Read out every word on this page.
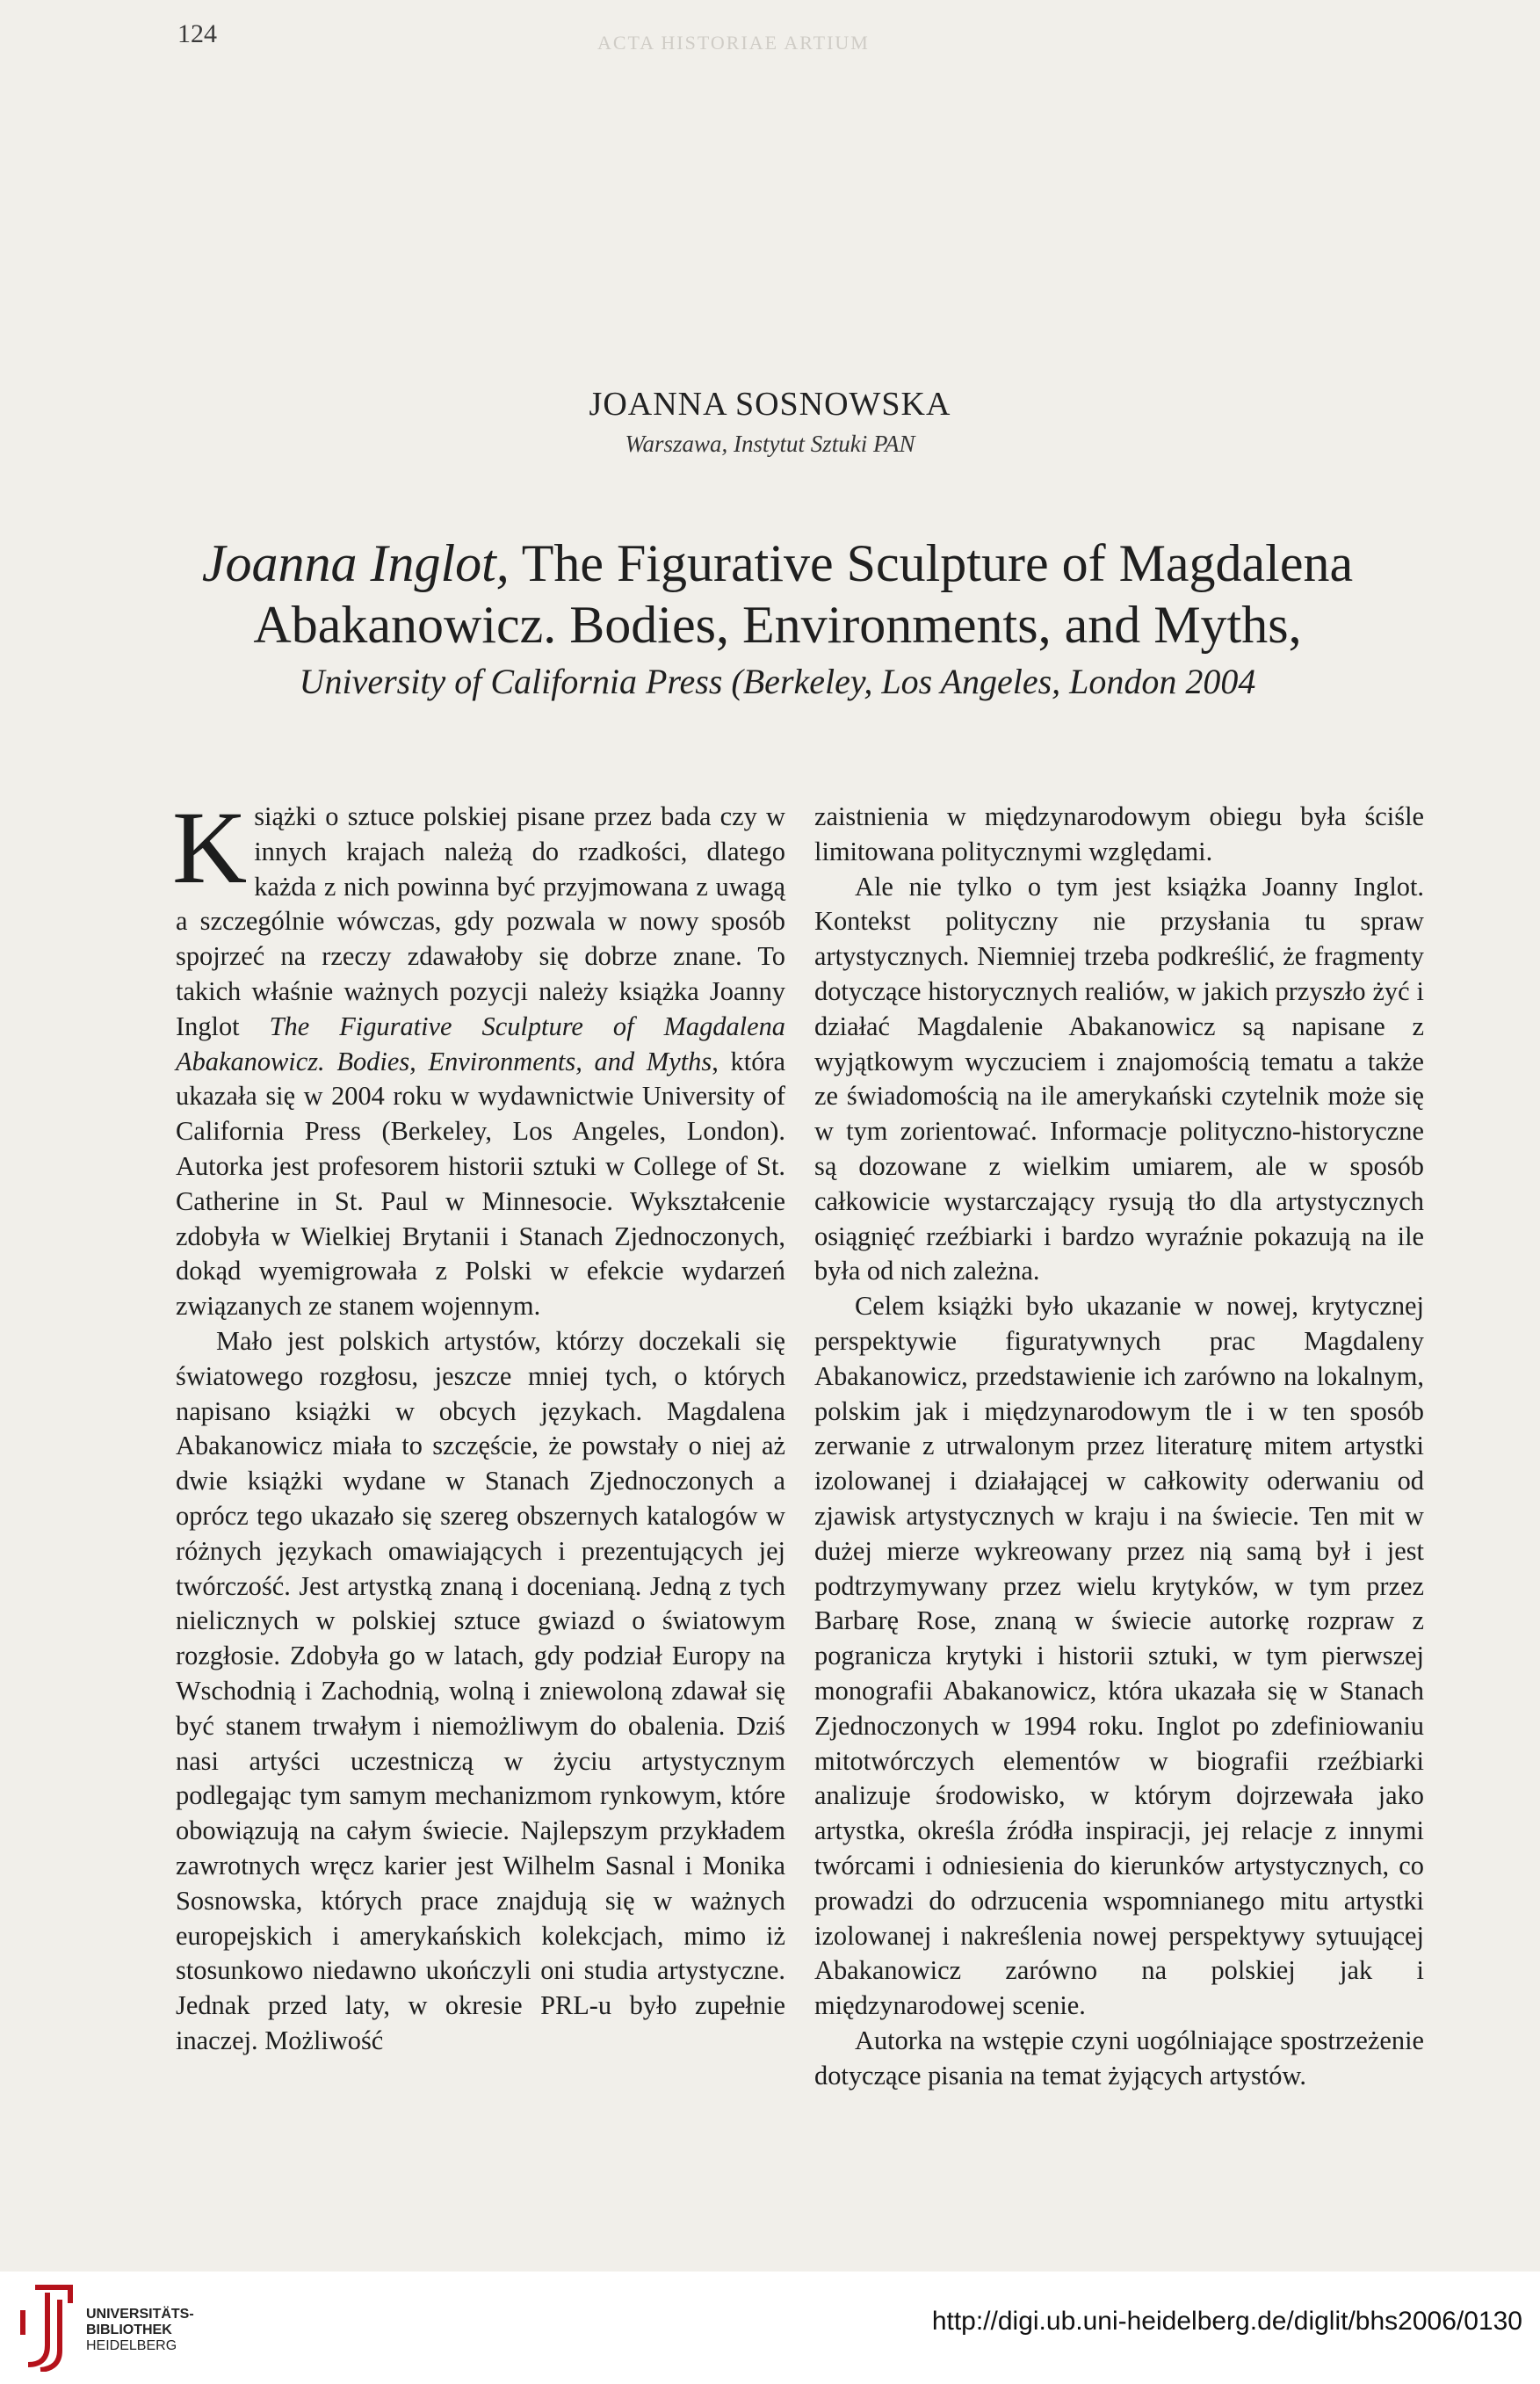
124	ACTA HISTORIAE ARTIUM
JOANNA SOSNOWSKA
Warszawa, Instytut Sztuki PAN
Joanna Inglot, The Figurative Sculpture of Magdalena Abakanowicz. Bodies, Environments, and Myths,
University of California Press (Berkeley, Los Angeles, London 2004

Książki o sztuce polskiej pisane przez bada czy w innych krajach należą do rzadkości, dlatego każda z nich powinna być przyjmowana z uwagą a szczególnie wówczas, gdy pozwala w nowy sposób spojrzeć na rzeczy zdawałoby się dobrze znane. To takich właśnie ważnych pozycji należy książka Joanny Inglot The Figurative Sculpture of Magdalena Abakanowicz. Bodies, Environments, and Myths, która ukazała się w 2004 roku w wydawnictwie University of California Press (Berkeley, Los Angeles, London). Autorka jest profesorem historii sztuki w College of St. Catherine in St. Paul w Minnesocie. Wykształcenie zdobyła w Wielkiej Brytanii i Stanach Zjednoczonych, dokąd wyemigrowała z Polski w efekcie wydarzeń związanych ze stanem wojennym.

Mało jest polskich artystów, którzy doczekali się światowego rozgłosu, jeszcze mniej tych, o których napisano książki w obcych językach. Magdalena Abakanowicz miała to szczęście, że powstały o niej aż dwie książki wydane w Stanach Zjednoczonych a oprócz tego ukazało się szereg obszernych katalogów w różnych językach omawiających i prezentujących jej twórczość. Jest artystką znaną i docenianą. Jedną z tych nielicznych w polskiej sztuce gwiazd o światowym rozgłosie. Zdobyła go w latach, gdy podział Europy na Wschodnią i Zachodnią, wolną i zniewoloną zdawał się być stanem trwałym i niemożliwym do obalenia. Dziś nasi artyści uczestniczą w życiu artystycznym podlegając tym samym mechanizmom rynkowym, które obowiązują na całym świecie. Najlepszym przykładem zawrotnych wręcz karier jest Wilhelm Sasnal i Monika Sosnowska, których prace znajdują się w ważnych europejskich i amerykańskich kolekcjach, mimo iż stosunkowo niedawno ukończyli oni studia artystyczne. Jednak przed laty, w okresie PRL-u było zupełnie inaczej. Możliwość

zaistnienia w międzynarodowym obiegu była ściśle limitowana politycznymi względami.

Ale nie tylko o tym jest książka Joanny Inglot. Kontekst polityczny nie przysłania tu spraw artystycznych. Niemniej trzeba podkreślić, że fragmenty dotyczące historycznych realiów, w jakich przyszło żyć i działać Magdalenie Abakanowicz są napisane z wyjątkowym wyczuciem i znajomością tematu a także ze świadomością na ile amerykański czytelnik może się w tym zorientować. Informacje polityczno-historyczne są dozowane z wielkim umiarem, ale w sposób całkowicie wystarczający rysują tło dla artystycznych osiągnięć rzeźbiarki i bardzo wyraźnie pokazują na ile była od nich zależna.

Celem książki było ukazanie w nowej, krytycznej perspektywie figuratywnych prac Magdaleny Abakanowicz, przedstawienie ich zarówno na lokalnym, polskim jak i międzynarodowym tle i w ten sposób zerwanie z utrwalonym przez literaturę mitem artystki izolowanej i działającej w całkowity oderwaniu od zjawisk artystycznych w kraju i na świecie. Ten mit w dużej mierze wykreowany przez nią samą był i jest podtrzymywany przez wielu krytyków, w tym przez Barbarę Rose, znaną w świecie autorkę rozpraw z pogranicza krytyki i historii sztuki, w tym pierwszej monografii Abakanowicz, która ukazała się w Stanach Zjednoczonych w 1994 roku. Inglot po zdefiniowaniu mitotwórczych elementów w biografii rzeźbiarki analizuje środowisko, w którym dojrzewała jako artystka, określa źródła inspiracji, jej relacje z innymi twórcami i odniesienia do kierunków artystycznych, co prowadzi do odrzucenia wspomnianego mitu artystki izolowanej i nakreślenia nowej perspektywy sytuującej Abakanowicz zarówno na polskiej jak i międzynarodowej scenie.

Autorka na wstępie czyni uogólniające spostrzeżenie dotyczące pisania na temat żyjących artystów.

UNIVERSITÄTS-
BIBLIOTHEK
HEIDELBERG
http://digi.ub.uni-heidelberg.de/diglit/bhs2006/0130
